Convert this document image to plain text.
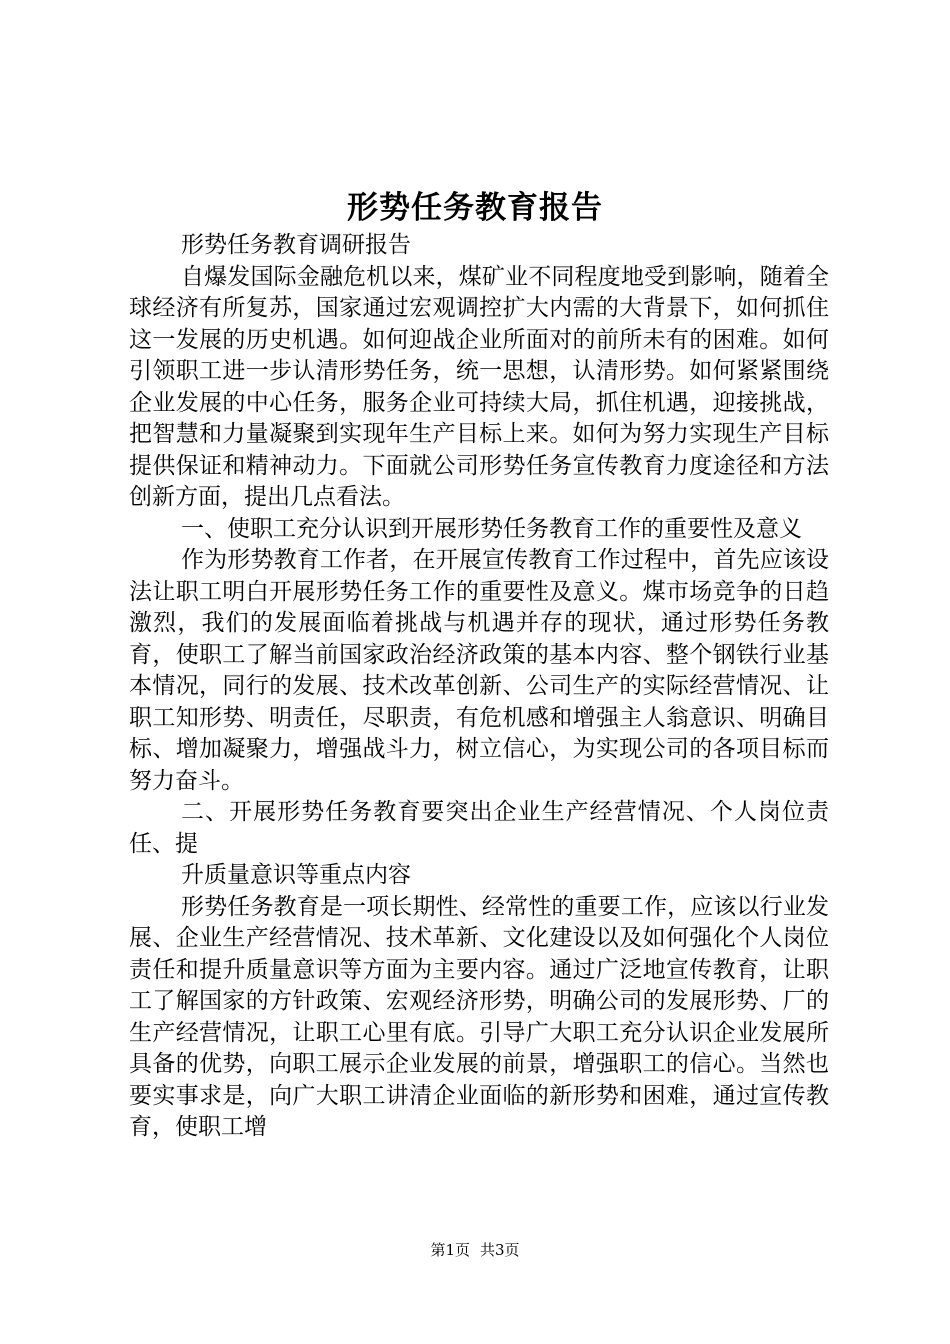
形势任务教育报告

形势任务教育调研报告

自爆发国际金融危机以来，煤矿业不同程度地受到影响，随着全球经济有所复苏，国家通过宏观调控扩大内需的大背景下，如何抓住这一发展的历史机遇。如何迎战企业所面对的前所未有的困难。如何引领职工进一步认清形势任务，统一思想，认清形势。如何紧紧围绕企业发展的中心任务，服务企业可持续大局，抓住机遇，迎接挑战，把智慧和力量凝聚到实现年生产目标上来。如何为努力实现生产目标提供保证和精神动力。下面就公司形势任务宣传教育力度途径和方法创新方面，提出几点看法。

一、使职工充分认识到开展形势任务教育工作的重要性及意义

作为形势教育工作者，在开展宣传教育工作过程中，首先应该设法让职工明白开展形势任务工作的重要性及意义。煤市场竞争的日趋激烈，我们的发展面临着挑战与机遇并存的现状，通过形势任务教育，使职工了解当前国家政治经济政策的基本内容、整个钢铁行业基本情况，同行的发展、技术改革创新、公司生产的实际经营情况、让职工知形势、明责任，尽职责，有危机感和增强主人翁意识、明确目标、增加凝聚力，增强战斗力，树立信心，为实现公司的各项目标而努力奋斗。

二、开展形势任务教育要突出企业生产经营情况、个人岗位责任、提

升质量意识等重点内容

形势任务教育是一项长期性、经常性的重要工作，应该以行业发展、企业生产经营情况、技术革新、文化建设以及如何强化个人岗位责任和提升质量意识等方面为主要内容。通过广泛地宣传教育，让职工了解国家的方针政策、宏观经济形势，明确公司的发展形势、厂的生产经营情况，让职工心里有底。引导广大职工充分认识企业发展所具备的优势，向职工展示企业发展的前景，增强职工的信心。当然也要实事求是，向广大职工讲清企业面临的新形势和困难，通过宣传教育，使职工增

第1页 共3页
